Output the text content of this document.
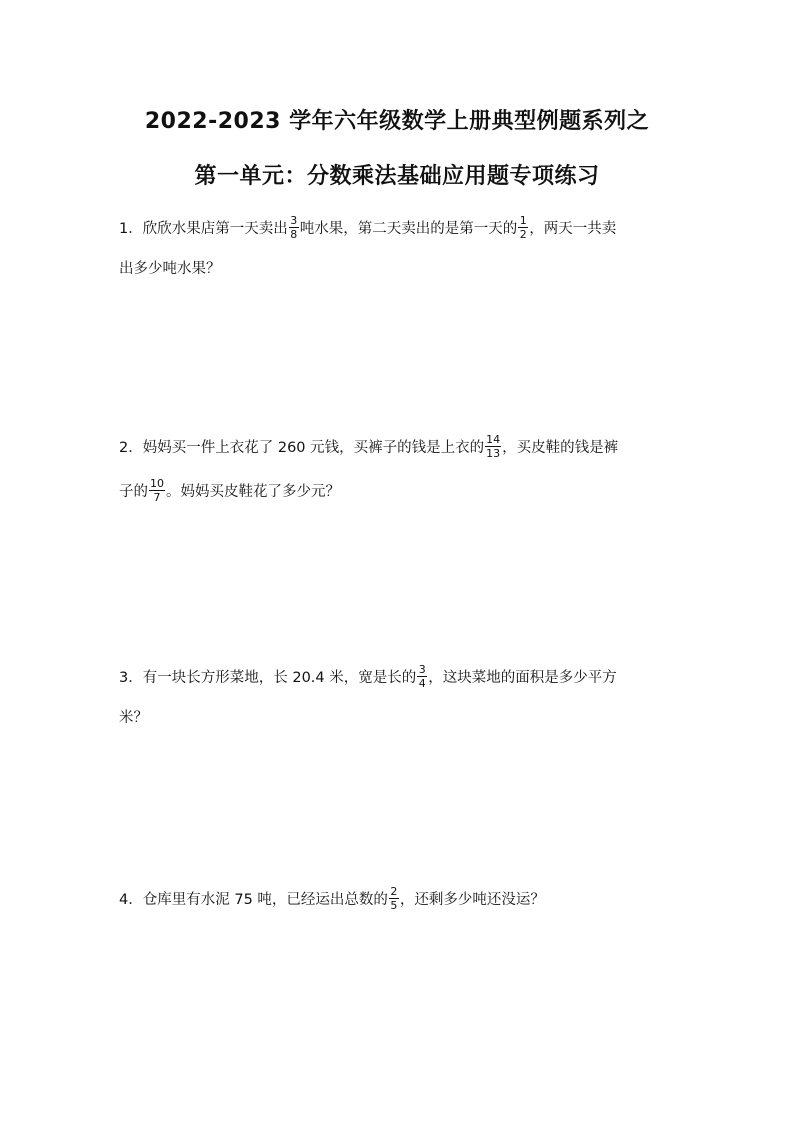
2022-2023 学年六年级数学上册典型例题系列之
第一单元：分数乘法基础应用题专项练习
1． 欣欣水果店第一天卖出 $\frac{3}{8}$ 吨水果，第二天卖出的是第一天的 $\frac{1}{2}$ ，两天一共卖
出多少吨水果？
2． 妈妈买一件上衣花了 260 元钱，买裤子的钱是上衣的 $\frac{14}{13}$ ，买皮鞋的钱是裤
子的 $\frac{10}{7}$ 。妈妈买皮鞋花了多少元？
3． 有一块长方形菜地，长 20.4 米，宽是长的 $\frac{3}{4}$ ，这块菜地的面积是多少平方
米？
4． 仓库里有水泥 75 吨，已经运出总数的 $\frac{2}{5}$ ，还剩多少吨还没运？
